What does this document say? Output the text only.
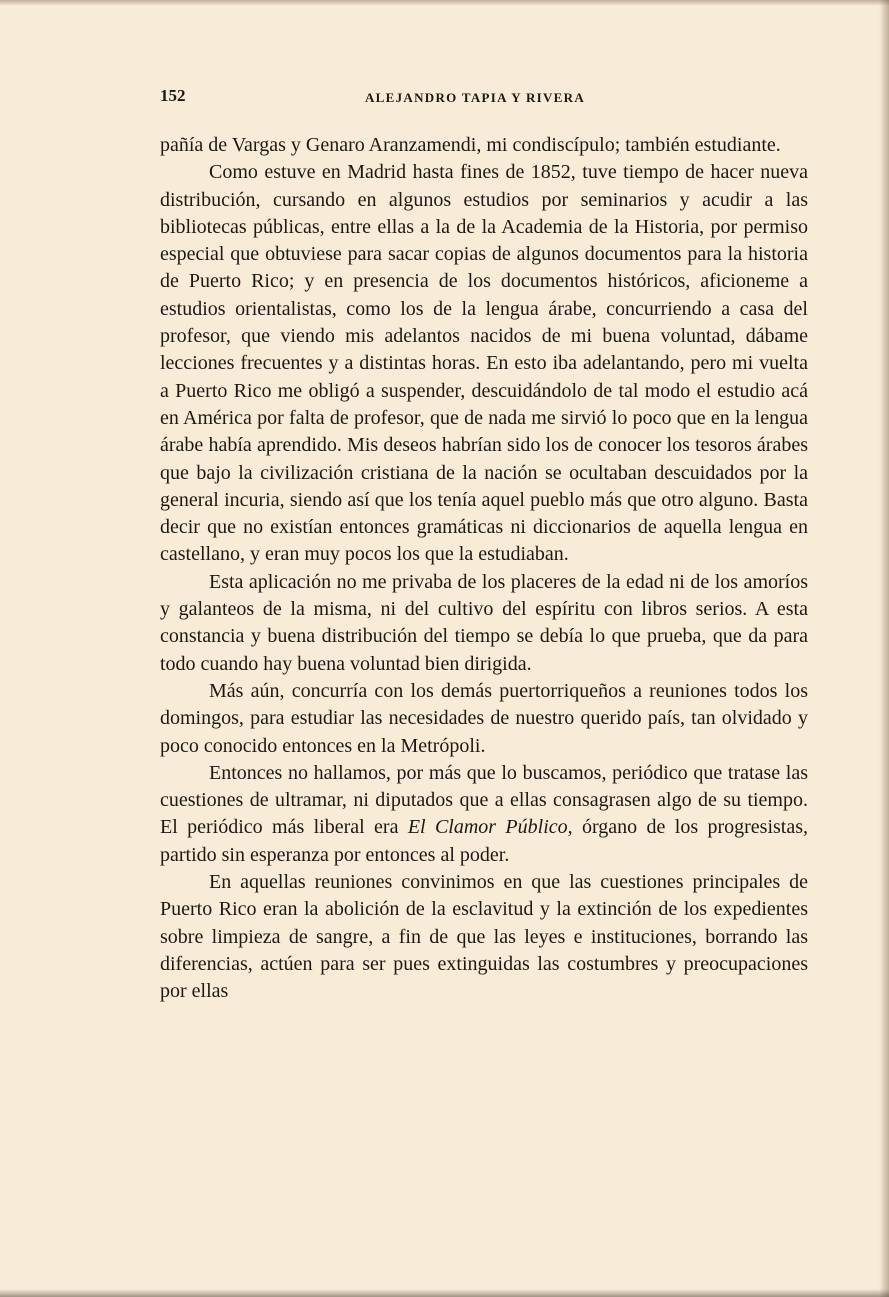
152	ALEJANDRO TAPIA Y RIVERA

pañía de Vargas y Genaro Aranzamendi, mi condiscípulo; también estudiante.

Como estuve en Madrid hasta fines de 1852, tuve tiempo de hacer nueva distribución, cursando en algunos estudios por seminarios y acudir a las bibliotecas públicas, entre ellas a la de la Academia de la Historia, por permiso especial que obtuviese para sacar copias de algunos documentos para la historia de Puerto Rico; y en presencia de los documentos históricos, aficioneme a estudios orientalistas, como los de la lengua árabe, concurriendo a casa del profesor, que viendo mis adelantos nacidos de mi buena voluntad, dábame lecciones frecuentes y a distintas horas. En esto iba adelantando, pero mi vuelta a Puerto Rico me obligó a suspender, descuidándolo de tal modo el estudio acá en América por falta de profesor, que de nada me sirvió lo poco que en la lengua árabe había aprendido. Mis deseos habrían sido los de conocer los tesoros árabes que bajo la civilización cristiana de la nación se ocultaban descuidados por la general incuria, siendo así que los tenía aquel pueblo más que otro alguno. Basta decir que no existían entonces gramáticas ni diccionarios de aquella lengua en castellano, y eran muy pocos los que la estudiaban.

Esta aplicación no me privaba de los placeres de la edad ni de los amoríos y galanteos de la misma, ni del cultivo del espíritu con libros serios. A esta constancia y buena distribución del tiempo se debía lo que prueba, que da para todo cuando hay buena voluntad bien dirigida.

Más aún, concurría con los demás puertorriqueños a reuniones todos los domingos, para estudiar las necesidades de nuestro querido país, tan olvidado y poco conocido entonces en la Metrópoli.

Entonces no hallamos, por más que lo buscamos, periódico que tratase las cuestiones de ultramar, ni diputados que a ellas consagrasen algo de su tiempo. El periódico más liberal era El Clamor Público, órgano de los progresistas, partido sin esperanza por entonces al poder.

En aquellas reuniones convinimos en que las cuestiones principales de Puerto Rico eran la abolición de la esclavitud y la extinción de los expedientes sobre limpieza de sangre, a fin de que las leyes e instituciones, borrando las diferencias, actúen para ser pues extinguidas las costumbres y preocupaciones por ellas
